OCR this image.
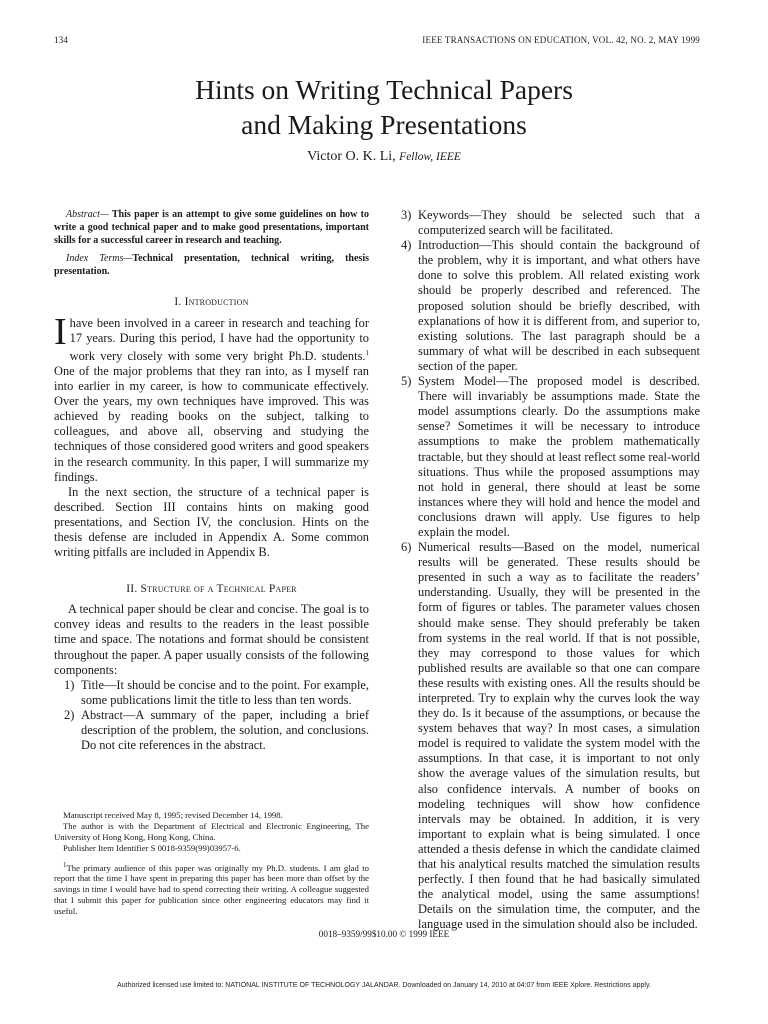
134	IEEE TRANSACTIONS ON EDUCATION, VOL. 42, NO. 2, MAY 1999
Hints on Writing Technical Papers
and Making Presentations
Victor O. K. Li, Fellow, IEEE

Abstract— This paper is an attempt to give some guidelines on how to write a good technical paper and to make good presentations, important skills for a successful career in research and teaching.

Index Terms—Technical presentation, technical writing, thesis presentation.

I. Introduction

Ihave been involved in a career in research and teaching for 17 years. During this period, I have had the opportunity to work very closely with some very bright Ph.D. students.$^1$ One of the major problems that they ran into, as I myself ran into earlier in my career, is how to communicate effectively. Over the years, my own techniques have improved. This was achieved by reading books on the subject, talking to colleagues, and above all, observing and studying the techniques of those considered good writers and good speakers in the research community. In this paper, I will summarize my findings.

In the next section, the structure of a technical paper is described. Section III contains hints on making good presentations, and Section IV, the conclusion. Hints on the thesis defense are included in Appendix A. Some common writing pitfalls are included in Appendix B.

II. Structure of a Technical Paper

A technical paper should be clear and concise. The goal is to convey ideas and results to the readers in the least possible time and space. The notations and format should be consistent throughout the paper. A paper usually consists of the following components:

1) Title—It should be concise and to the point. For example, some publications limit the title to less than ten words.
2) Abstract—A summary of the paper, including a brief description of the problem, the solution, and conclusions. Do not cite references in the abstract.

Manuscript received May 8, 1995; revised December 14, 1998.

The author is with the Department of Electrical and Electronic Engineering, The University of Hong Kong, Hong Kong, China.

Publisher Item Identifier S 0018-9359(99)03957-6.

$^1$The primary audience of this paper was originally my Ph.D. students. I am glad to report that the time I have spent in preparing this paper has been more than offset by the savings in time I would have had to spend correcting their writing. A colleague suggested that I submit this paper for publication since other engineering educators may find it useful.

3) Keywords—They should be selected such that a computerized search will be facilitated.
4) Introduction—This should contain the background of the problem, why it is important, and what others have done to solve this problem. All related existing work should be properly described and referenced. The proposed solution should be briefly described, with explanations of how it is different from, and superior to, existing solutions. The last paragraph should be a summary of what will be described in each subsequent section of the paper.
5) System Model—The proposed model is described. There will invariably be assumptions made. State the model assumptions clearly. Do the assumptions make sense? Sometimes it will be necessary to introduce assumptions to make the problem mathematically tractable, but they should at least reflect some real-world situations. Thus while the proposed assumptions may not hold in general, there should at least be some instances where they will hold and hence the model and conclusions drawn will apply. Use figures to help explain the model.
6) Numerical results—Based on the model, numerical results will be generated. These results should be presented in such a way as to facilitate the readers’ understanding. Usually, they will be presented in the form of figures or tables. The parameter values chosen should make sense. They should preferably be taken from systems in the real world. If that is not possible, they may correspond to those values for which published results are available so that one can compare these results with existing ones. All the results should be interpreted. Try to explain why the curves look the way they do. Is it because of the assumptions, or because the system behaves that way? In most cases, a simulation model is required to validate the system model with the assumptions. In that case, it is important to not only show the average values of the simulation results, but also confidence intervals. A number of books on modeling techniques will show how confidence intervals may be obtained. In addition, it is very important to explain what is being simulated. I once attended a thesis defense in which the candidate claimed that his analytical results matched the simulation results perfectly. I then found that he had basically simulated the analytical model, using the same assumptions! Details on the simulation time, the computer, and the language used in the simulation should also be included.
0018–9359/99$10.00 © 1999 IEEE
Authorized licensed use limited to: NATIONAL INSTITUTE OF TECHNOLOGY JALANDAR. Downloaded on January 14, 2010 at 04:07 from IEEE Xplore. Restrictions apply.
